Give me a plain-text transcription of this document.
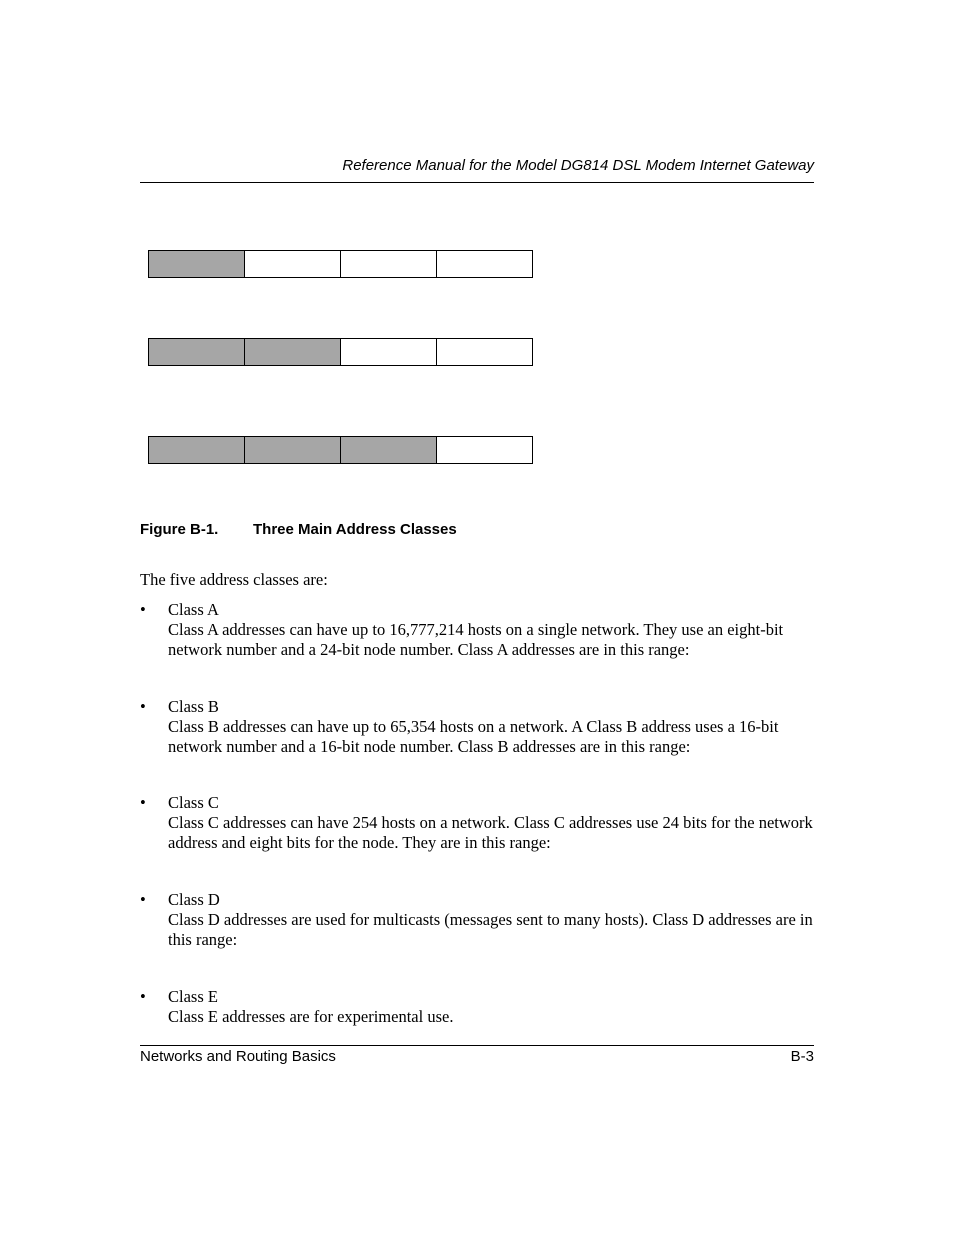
Reference Manual for the Model DG814 DSL Modem Internet Gateway
Figure B-1. Three Main Address Classes
The five address classes are:
• Class A
Class A addresses can have up to 16,777,214 hosts on a single network. They use an eight-bit network number and a 24-bit node number. Class A addresses are in this range:
• Class B
Class B addresses can have up to 65,354 hosts on a network. A Class B address uses a 16-bit network number and a 16-bit node number. Class B addresses are in this range:
• Class C
Class C addresses can have 254 hosts on a network. Class C addresses use 24 bits for the network address and eight bits for the node. They are in this range:
• Class D
Class D addresses are used for multicasts (messages sent to many hosts). Class D addresses are in this range:
• Class E
Class E addresses are for experimental use.
Networks and Routing Basics	B-3
